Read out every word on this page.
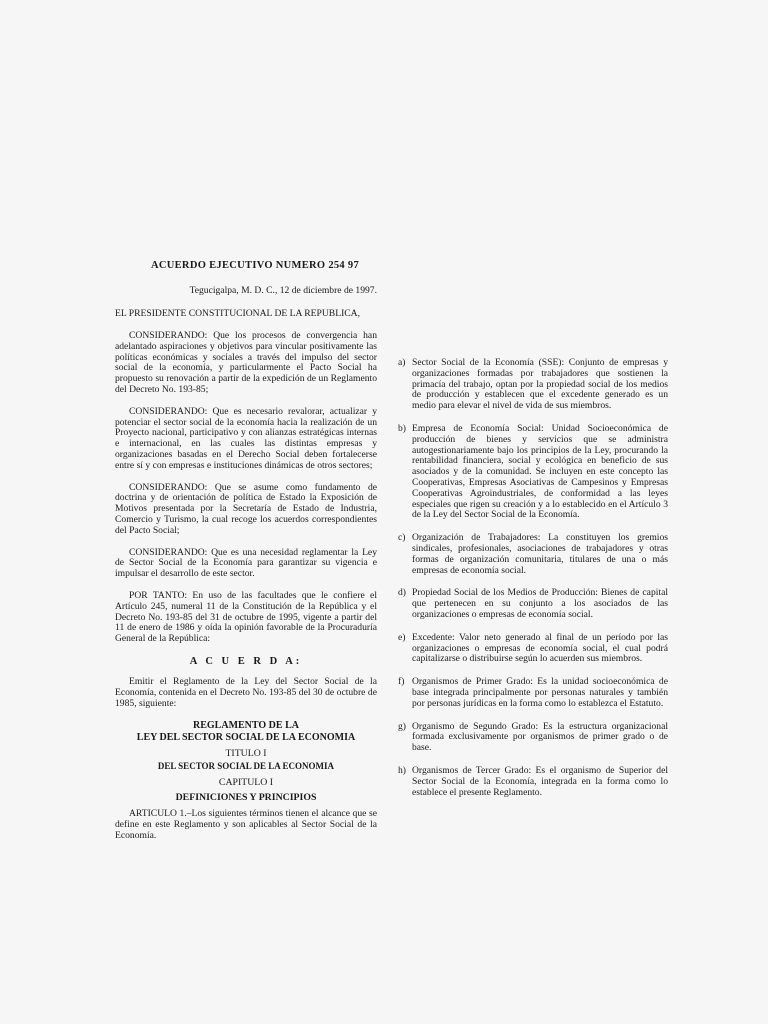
ACUERDO EJECUTIVO NUMERO 254 97

Tegucigalpa, M. D. C., 12 de diciembre de 1997.

EL PRESIDENTE CONSTITUCIONAL DE LA REPUBLICA,

CONSIDERANDO: Que los procesos de convergencia han adelantado aspiraciones y objetivos para vincular positivamente las políticas económicas y sociales a través del impulso del sector social de la economía, y particularmente el Pacto Social ha propuesto su renovación a partir de la expedición de un Reglamento del Decreto No. 193-85;

CONSIDERANDO: Que es necesario revalorar, actualizar y potenciar el sector social de la economía hacia la realización de un Proyecto nacional, participativo y con alianzas estratégicas internas e internacional, en las cuales las distintas empresas y organizaciones basadas en el Derecho Social deben fortalecerse entre sí y con empresas e instituciones dinámicas de otros sectores;

CONSIDERANDO: Que se asume como fundamento de doctrina y de orientación de política de Estado la Exposición de Motivos presentada por la Secretaría de Estado de Industria, Comercio y Turismo, la cual recoge los acuerdos correspondientes del Pacto Social;

CONSIDERANDO: Que es una necesidad reglamentar la Ley de Sector Social de la Economía para garantizar su vigencia e impulsar el desarrollo de este sector.

POR TANTO: En uso de las facultades que le confiere el Artículo 245, numeral 11 de la Constitución de la República y el Decreto No. 193-85 del 31 de octubre de 1995, vigente a partir del 11 de enero de 1986 y oída la opinión favorable de la Procuraduría General de la República:

A C U E R D A:

Emitir el Reglamento de la Ley del Sector Social de la Economía, contenida en el Decreto No. 193-85 del 30 de octubre de 1985, siguiente:

REGLAMENTO DE LA

LEY DEL SECTOR SOCIAL DE LA ECONOMIA

TITULO I

DEL SECTOR SOCIAL DE LA ECONOMIA

CAPITULO I

DEFINICIONES Y PRINCIPIOS

ARTICULO 1.–Los siguientes términos tienen el alcance que se define en este Reglamento y son aplicables al Sector Social de la Economía.

a) Sector Social de la Economía (SSE): Conjunto de empresas y organizaciones formadas por trabajadores que sostienen la primacía del trabajo, optan por la propiedad social de los medios de producción y establecen que el excedente generado es un medio para elevar el nivel de vida de sus miembros.

b) Empresa de Economía Social: Unidad Socioeconómica de producción de bienes y servicios que se administra autogestionariamente bajo los principios de la Ley, procurando la rentabilidad financiera, social y ecológica en beneficio de sus asociados y de la comunidad. Se incluyen en este concepto las Cooperativas, Empresas Asociativas de Campesinos y Empresas Cooperativas Agroindustriales, de conformidad a las leyes especiales que rigen su creación y a lo establecido en el Artículo 3 de la Ley del Sector Social de la Economía.

c) Organización de Trabajadores: La constituyen los gremios sindicales, profesionales, asociaciones de trabajadores y otras formas de organización comunitaria, titulares de una o más empresas de economía social.

d) Propiedad Social de los Medios de Producción: Bienes de capital que pertenecen en su conjunto a los asociados de las organizaciones o empresas de economía social.

e) Excedente: Valor neto generado al final de un período por las organizaciones o empresas de economía social, el cual podrá capitalizarse o distribuirse según lo acuerden sus miembros.

f) Organismos de Primer Grado: Es la unidad socioeconómica de base integrada principalmente por personas naturales y también por personas jurídicas en la forma como lo establezca el Estatuto.

g) Organismo de Segundo Grado: Es la estructura organizacional formada exclusivamente por organismos de primer grado o de base.

h) Organismos de Tercer Grado: Es el organismo de Superior del Sector Social de la Economía, integrada en la forma como lo establece el presente Reglamento.
